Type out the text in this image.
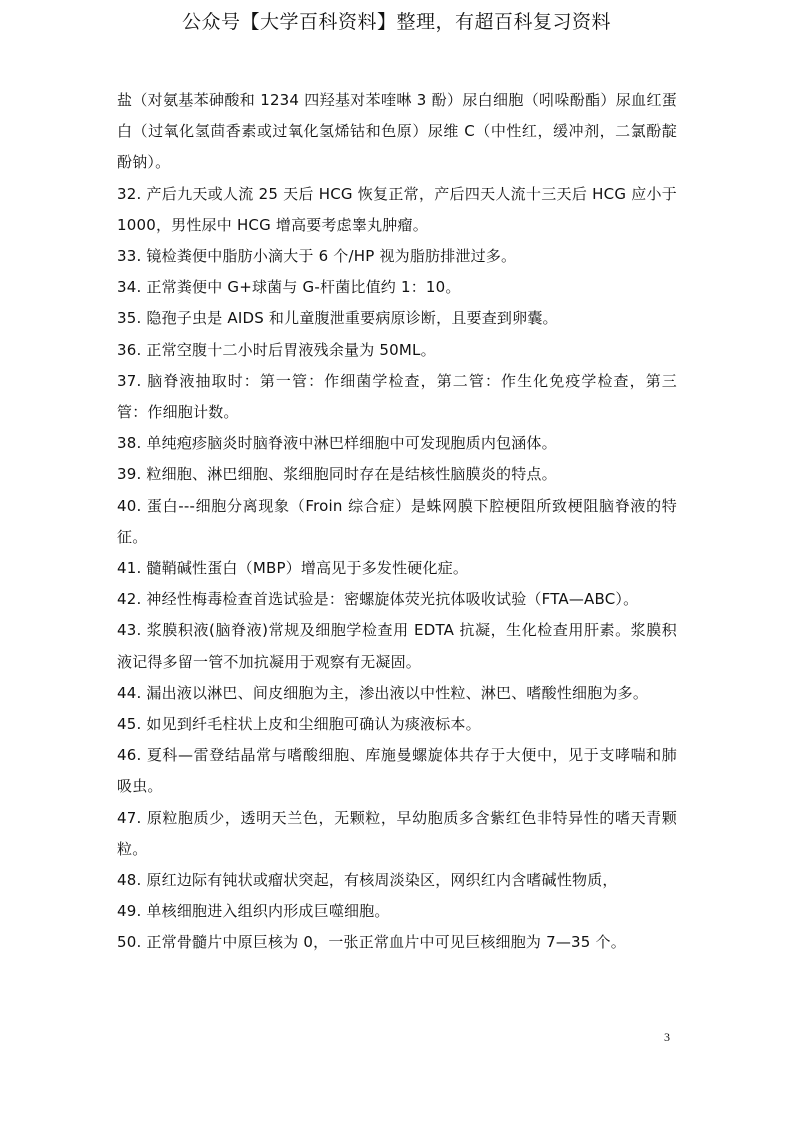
公众号【大学百科资料】整理，有超百科复习资料

盐（对氨基苯砷酸和 1234 四羟基对苯喹啉 3 酚）尿白细胞（吲哚酚酯）尿血红蛋白（过氧化氢茴香素或过氧化氢烯钴和色原）尿维 C（中性红，缓冲剂，二氯酚靛酚钠）。

32. 产后九天或人流 25 天后 HCG 恢复正常，产后四天人流十三天后 HCG 应小于 1000，男性尿中 HCG 增高要考虑睾丸肿瘤。

33. 镜检粪便中脂肪小滴大于 6 个/HP 视为脂肪排泄过多。

34. 正常粪便中 G+球菌与 G-杆菌比值约 1：10。

35. 隐孢子虫是 AIDS 和儿童腹泄重要病原诊断，且要查到卵囊。

36. 正常空腹十二小时后胃液残余量为 50ML。

37. 脑脊液抽取时：第一管：作细菌学检查，第二管：作生化免疫学检查，第三管：作细胞计数。

38. 单纯疱疹脑炎时脑脊液中淋巴样细胞中可发现胞质内包涵体。

39. 粒细胞、淋巴细胞、浆细胞同时存在是结核性脑膜炎的特点。

40. 蛋白---细胞分离现象（Froin 综合症）是蛛网膜下腔梗阻所致梗阻脑脊液的特征。

41. 髓鞘碱性蛋白（MBP）增高见于多发性硬化症。

42. 神经性梅毒检查首选试验是：密螺旋体荧光抗体吸收试验（FTA—ABC）。

43. 浆膜积液(脑脊液)常规及细胞学检查用 EDTA 抗凝，生化检查用肝素。浆膜积液记得多留一管不加抗凝用于观察有无凝固。

44. 漏出液以淋巴、间皮细胞为主，渗出液以中性粒、淋巴、嗜酸性细胞为多。

45. 如见到纤毛柱状上皮和尘细胞可确认为痰液标本。

46. 夏科—雷登结晶常与嗜酸细胞、库施曼螺旋体共存于大便中，见于支哮喘和肺吸虫。

47. 原粒胞质少，透明天兰色，无颗粒，早幼胞质多含紫红色非特异性的嗜天青颗粒。

48. 原红边际有钝状或瘤状突起，有核周淡染区，网织红内含嗜碱性物质，

49. 单核细胞进入组织内形成巨噬细胞。

50. 正常骨髓片中原巨核为 0，一张正常血片中可见巨核细胞为 7—35 个。

3
